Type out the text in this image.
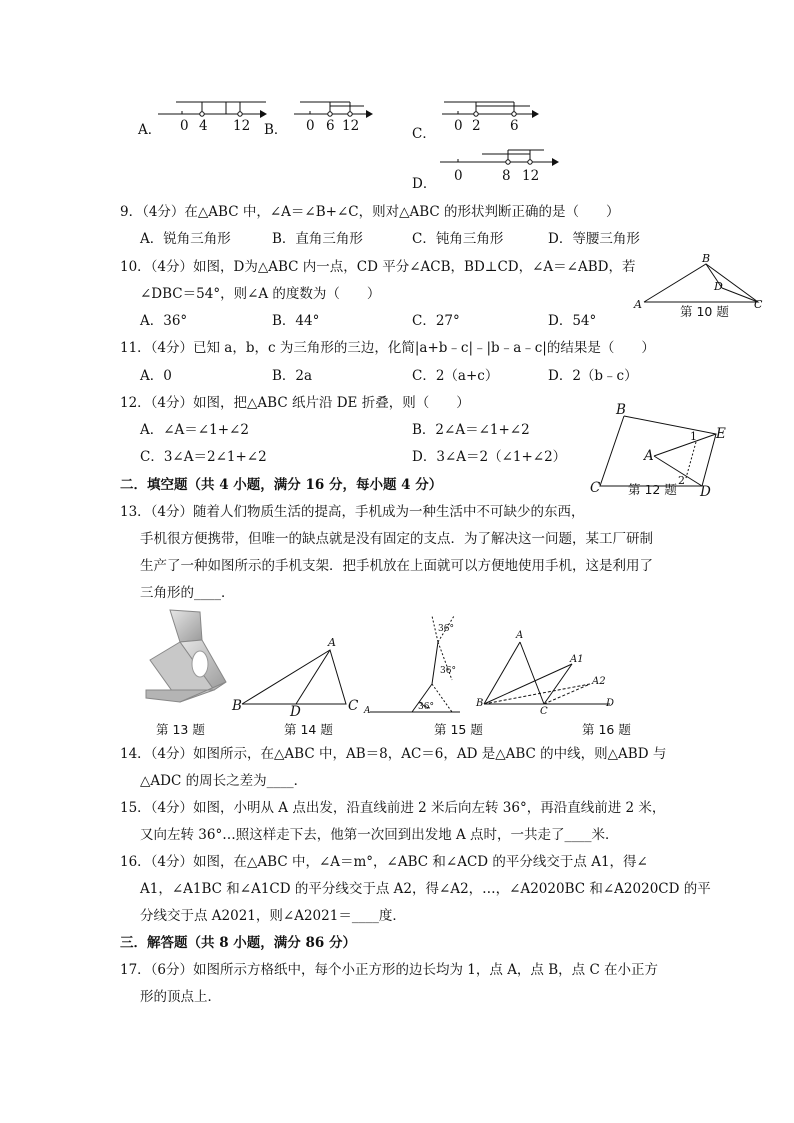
A． 0 4 12 B． 0 6 12	C． 0 2 6
D． 0	8 12
9．（4分）在△ABC 中，∠A＝∠B+∠C，则对△ABC 的形状判断正确的是（　　）
A．锐角三角形	B．直角三角形	C．钝角三角形	D．等腰三角形
10．（4分）如图，D为△ABC 内一点，CD 平分∠ACB，BD⊥CD，∠A＝∠ABD，若
∠DBC＝54°，则∠A 的度数为（　　）
A．36°	B．44°	C．27°	D．54°
A
B
C
D
第 10 题
11．（4分）已知 a，b，c 为三角形的三边，化简|a+b﹣c|﹣|b﹣a﹣c|的结果是（　　）
A．0	B．2a	C．2（a+c）	D．2（b﹣c）
12．（4分）如图，把△ABC 纸片沿 DE 折叠，则（　　）
A．∠A＝∠1+∠2	B．2∠A＝∠1+∠2
C．3∠A＝2∠1+∠2	D．3∠A＝2（∠1+∠2）
B
E
A
C	D
1
2
第 12 题
二．填空题（共 4 小题，满分 16 分，每小题 4 分）
13．（4分）随着人们物质生活的提高，手机成为一种生活中不可缺少的东西，
手机很方便携带，但唯一的缺点就是没有固定的支点．为了解决这一问题，某工厂研制
生产了一种如图所示的手机支架．把手机放在上面就可以方便地使用手机，这是利用了
三角形的____．
A
B	D	C
36°
36°
36°
A
A
A1
A2
B
C
D
第 13 题	第 14 题	第 15 题	第 16 题
14．（4分）如图所示，在△ABC 中，AB＝8，AC＝6，AD 是△ABC 的中线，则△ABD 与
△ADC 的周长之差为____．
15．（4分）如图，小明从 A 点出发，沿直线前进 2 米后向左转 36°，再沿直线前进 2 米，
又向左转 36°…照这样走下去，他第一次回到出发地 A 点时，一共走了____米．
16．（4分）如图，在△ABC 中，∠A＝m°，∠ABC 和∠ACD 的平分线交于点 A1，得∠
A1，∠A1BC 和∠A1CD 的平分线交于点 A2，得∠A2，…，∠A2020BC 和∠A2020CD 的平
分线交于点 A2021，则∠A2021＝____度．
三．解答题（共 8 小题，满分 86 分）
17．（6分）如图所示方格纸中，每个小正方形的边长均为 1，点 A，点 B，点 C 在小正方
形的顶点上．
